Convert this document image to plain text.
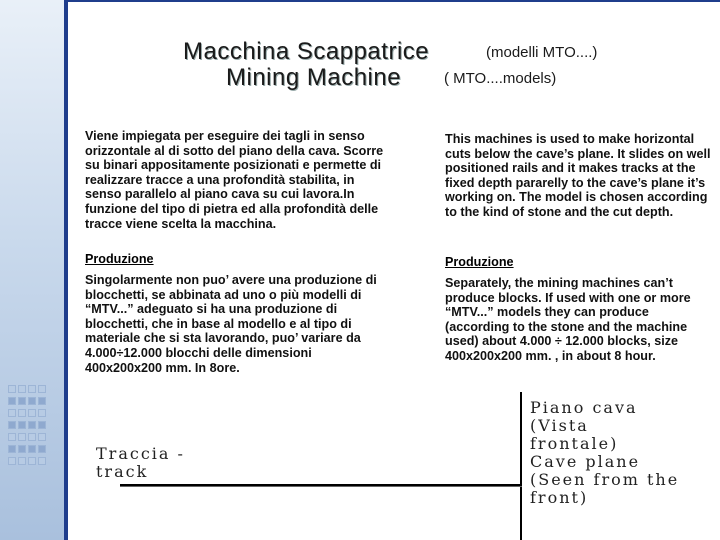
Macchina Scappatrice	(modelli MTO....)
Mining Machine	( MTO....models)
Viene impiegata per eseguire dei tagli in senso orizzontale al di sotto del piano della cava. Scorre su binari appositamente posizionati e permette di realizzare tracce a una profondità stabilita, in senso parallelo al piano cava su cui lavora.In funzione del tipo di pietra ed alla profondità delle tracce viene scelta la macchina.
This machines is used to make horizontal cuts below the cave’s plane. It slides on well positioned rails and it makes tracks at the fixed depth pararelly to the cave’s plane it’s working on. The model is chosen according to the kind of stone and the cut depth.
Produzione	Produzione
Singolarmente non puo’ avere una produzione di blocchetti, se abbinata ad uno o più modelli di “MTV...” adeguato si ha una produzione di blocchetti, che in base al modello e al tipo di materiale che si sta lavorando, puo’ variare da 4.000÷12.000 blocchi delle dimensioni 400x200x200 mm. In 8ore.
Separately, the mining machines can’t produce blocks. If used with one or more “MTV...” models they can produce (according to the stone and the machine used) about 4.000 ÷ 12.000 blocks, size 400x200x200 mm. , in about 8 hour.
Piano cava
(Vista
frontale)
Cave plane
(Seen from the
front)
Traccia -
track
